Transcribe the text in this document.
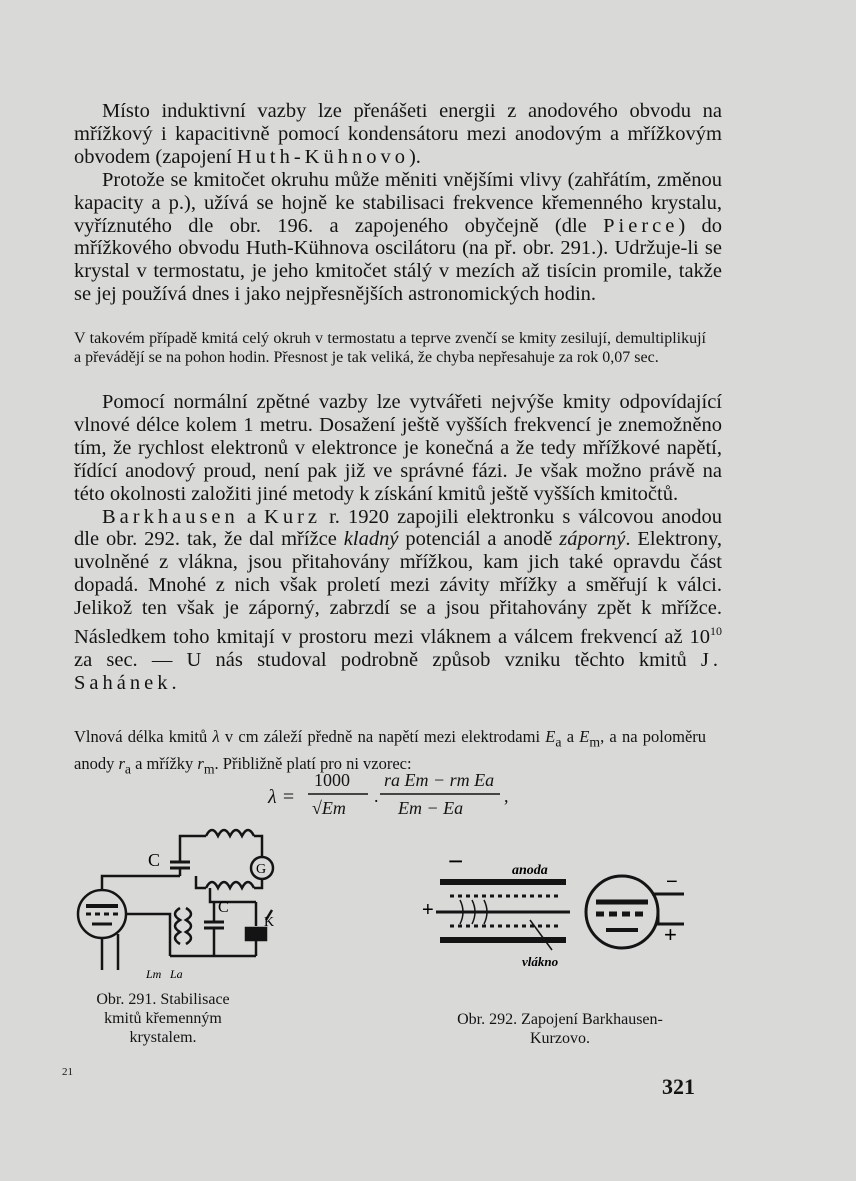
Místo induktivní vazby lze přenášeti energii z anodového obvodu na mřížkový i kapacitivně pomocí kondensátoru mezi anodovým a mřížkovým obvodem (zapojení Huth-Kühnovo).

Protože se kmitočet okruhu může měniti vnějšími vlivy (zahřátím, změnou kapacity a p.), užívá se hojně ke stabilisaci frekvence křemenného krystalu, vyříznutého dle obr. 196. a zapojeného obyčejně (dle Pierce) do mřížkového obvodu Huth-Kühnova oscilátoru (na př. obr. 291.). Udržuje-li se krystal v termostatu, je jeho kmitočet stálý v mezích až tisícin promile, takže se jej používá dnes i jako nejpřesnějších astronomických hodin.

V takovém případě kmitá celý okruh v termostatu a teprve zvenčí se kmity zesilují, demultiplikují a převádějí se na pohon hodin. Přesnost je tak veliká, že chyba nepřesahuje za rok 0,07 sec.

Pomocí normální zpětné vazby lze vytvářeti nejvýše kmity odpovídající vlnové délce kolem 1 metru. Dosažení ještě vyšších frekvencí je znemožněno tím, že rychlost elektronů v elektronce je konečná a že tedy mřížkové napětí, řídící anodový proud, není pak již ve správné fázi. Je však možno právě na této okolnosti založiti jiné metody k získání kmitů ještě vyšších kmitočtů.

Barkhausen a Kurz r. 1920 zapojili elektronku s válcovou anodou dle obr. 292. tak, že dal mřížce kladný potenciál a anodě záporný. Elektrony, uvolněné z vlákna, jsou přitahovány mřížkou, kam jich také opravdu část dopadá. Mnohé z nich však proletí mezi závity mřížky a směřují k válci. Jelikož ten však je záporný, zabrzdí se a jsou přitahovány zpět k mřížce. Následkem toho kmitají v prostoru mezi vláknem a válcem frekvencí až $10^{10}$ za sec. — U nás studoval podrobně způsob vzniku těchto kmitů J. Sahánek.

Vlnová délka kmitů λ v cm záleží předně na napětí mezi elektrodami $E_a$ a $E_m$, a na poloměru anody $r_a$ a mřížky $r_m$. Přibližně platí pro ni vzorec:
λ =
1000
√Em
.
ra Em − rm Ea
Em − Ea
,
C
C
G
K
Lm La
Obr. 291. Stabilisace
kmitů křemenným
krystalem.
−	anoda
+
vlákno
−
+
Obr. 292. Zapojení Barkhausen-
Kurzovo.
21
321
